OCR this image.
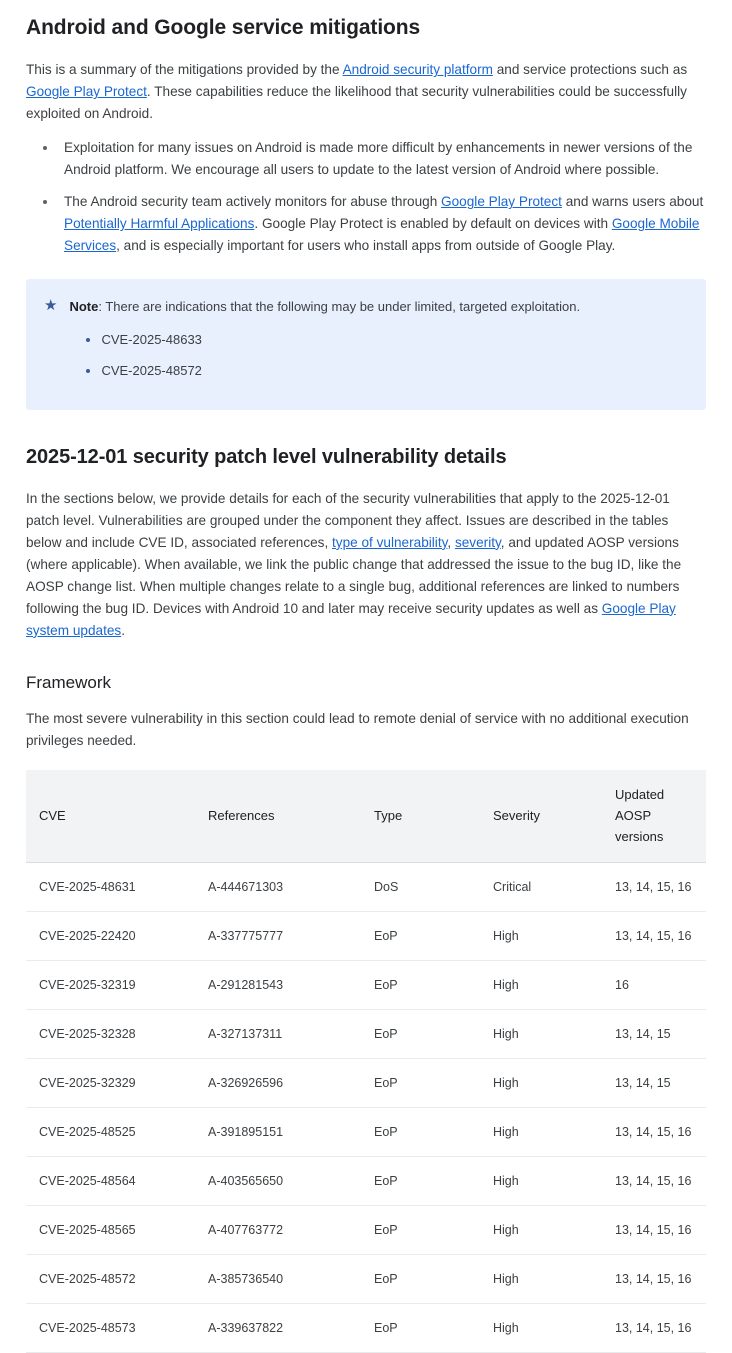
Android and Google service mitigations

This is a summary of the mitigations provided by the Android security platform and service protections such as Google Play Protect. These capabilities reduce the likelihood that security vulnerabilities could be successfully exploited on Android.

• Exploitation for many issues on Android is made more difficult by enhancements in newer versions of the Android platform. We encourage all users to update to the latest version of Android where possible.
• The Android security team actively monitors for abuse through Google Play Protect and warns users about Potentially Harmful Applications. Google Play Protect is enabled by default on devices with Google Mobile Services, and is especially important for users who install apps from outside of Google Play.
★ Note: There are indications that the following may be under limited, targeted exploitation.
• CVE-2025-48633
• CVE-2025-48572
2025-12-01 security patch level vulnerability details

In the sections below, we provide details for each of the security vulnerabilities that apply to the 2025-12-01 patch level. Vulnerabilities are grouped under the component they affect. Issues are described in the tables below and include CVE ID, associated references, type of vulnerability, severity, and updated AOSP versions (where applicable). When available, we link the public change that addressed the issue to the bug ID, like the AOSP change list. When multiple changes relate to a single bug, additional references are linked to numbers following the bug ID. Devices with Android 10 and later may receive security updates as well as Google Play system updates.

Framework

The most severe vulnerability in this section could lead to remote denial of service with no additional execution privileges needed.

CVE	References	Type	Severity	Updated AOSP versions
CVE-2025-48631	A-444671303	DoS	Critical	13, 14, 15, 16
CVE-2025-22420	A-337775777	EoP	High	13, 14, 15, 16
CVE-2025-32319	A-291281543	EoP	High	16
CVE-2025-32328	A-327137311	EoP	High	13, 14, 15
CVE-2025-32329	A-326926596	EoP	High	13, 14, 15
CVE-2025-48525	A-391895151	EoP	High	13, 14, 15, 16
CVE-2025-48564	A-403565650	EoP	High	13, 14, 15, 16
CVE-2025-48565	A-407763772	EoP	High	13, 14, 15, 16
CVE-2025-48572	A-385736540	EoP	High	13, 14, 15, 16
CVE-2025-48573	A-339637822	EoP	High	13, 14, 15, 16
